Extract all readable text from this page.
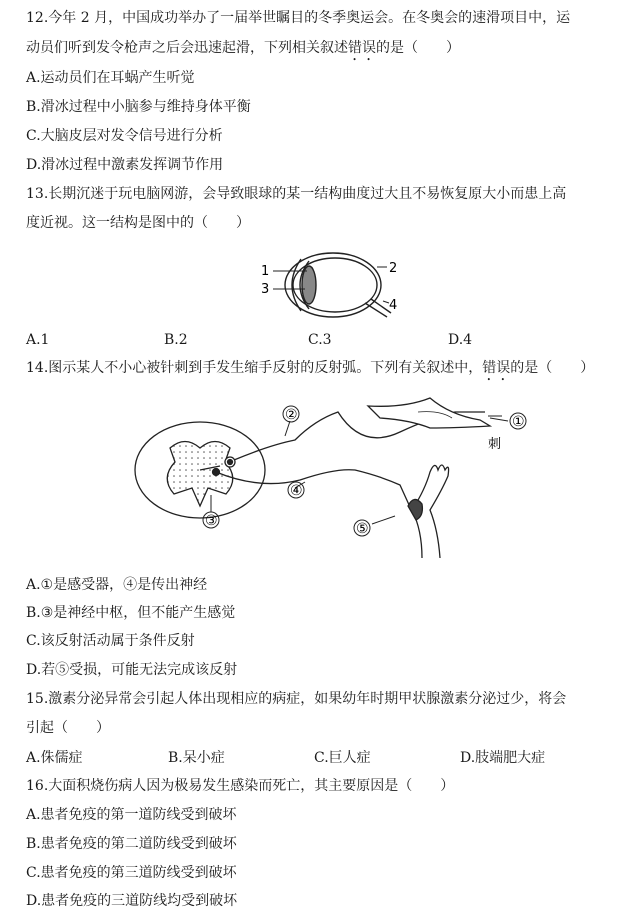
12.今年 2 月，中国成功举办了一届举世瞩目的冬季奥运会。在冬奥会的速滑项目中，运
动员们听到发令枪声之后会迅速起滑，下列相关叙述错误的是（　　）
A.运动员们在耳蜗产生听觉
B.滑冰过程中小脑参与维持身体平衡
C.大脑皮层对发令信号进行分析
D.滑冰过程中激素发挥调节作用
13.长期沉迷于玩电脑网游，会导致眼球的某一结构曲度过大且不易恢复原大小而患上高
度近视。这一结构是图中的（　　）
1
3
2
4
A.1	B.2	C.3	D.4
14.图示某人不小心被针刺到手发生缩手反射的反射弧。下列有关叙述中，错误的是（　　）
①
②
③
④
⑤
刺
A.①是感受器，④是传出神经
B.③是神经中枢，但不能产生感觉
C.该反射活动属于条件反射
D.若⑤受损，可能无法完成该反射
15.激素分泌异常会引起人体出现相应的病症，如果幼年时期甲状腺激素分泌过少，将会
引起（　　）
A.侏儒症	B.呆小症	C.巨人症	D.肢端肥大症
16.大面积烧伤病人因为极易发生感染而死亡，其主要原因是（　　）
A.患者免疫的第一道防线受到破坏
B.患者免疫的第二道防线受到破坏
C.患者免疫的第三道防线受到破坏
D.患者免疫的三道防线均受到破坏
